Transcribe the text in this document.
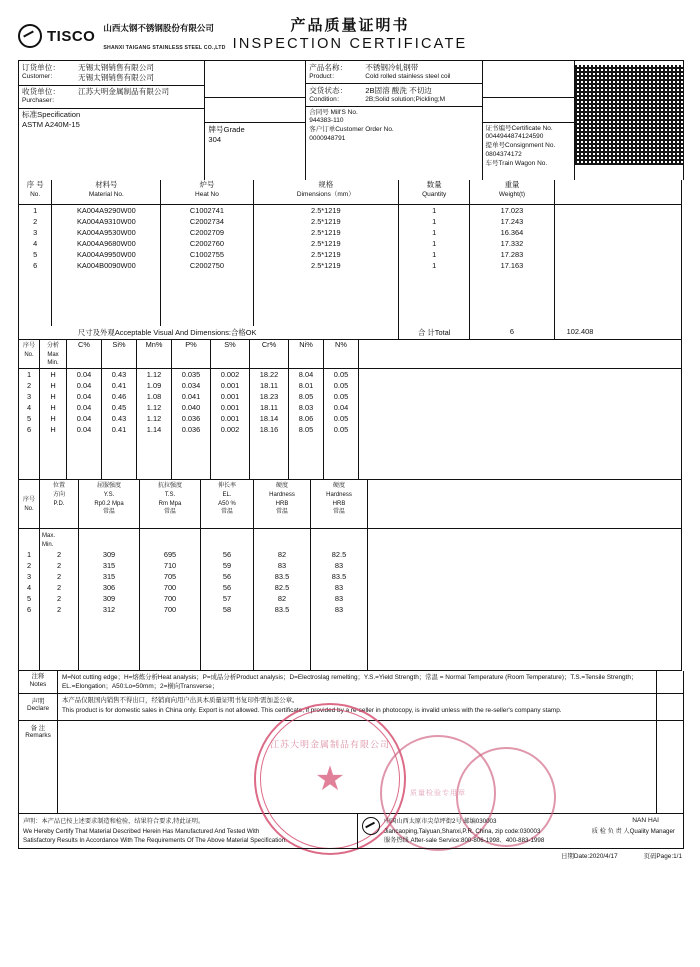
TISCO 山西太钢不锈钢股份有限公司
SHANXI TAIGANG STAINLESS STEEL CO.,LTD
产品质量证明书
INSPECTION CERTIFICATE
订货单位：
Customer：
无锡太钢销售有限公司
无锡太钢销售有限公司
收货单位：
Purchaser：
江苏大明金属制品有限公司
标准Specification
ASTM A240M-15	牌号Grade
304
产品名称：
Product：
不锈钢冷轧钢带
Cold rolled stainless steel coil
交货状态：
Condition：
2B固溶 酸洗 不切边
2B;Solid solution;Pickling;M
合同号 Mill'S No.
944383-110
客户订单Customer Order No.
0000948791
证书编号Certificate No.
0044944874124590
提单号Consignment No.
0804374172
车号Train Wagon No.
序 号
No.	材料号
Material No.	炉号
Heat No	规格
Dimensions（mm）	数量
Quantity	重量
Weight(t)	
1	KA004A9290W00	C1002741	2.5*1219	1	17.023	
2	KA004A9310W00	C2002734	2.5*1219	1	17.243	
3	KA004A9530W00	C2002709	2.5*1219	1	16.364	
4	KA004A9680W00	C2002760	2.5*1219	1	17.332	
5	KA004A9950W00	C1002755	2.5*1219	1	17.283	
6	KA004B0090W00	C2002750	2.5*1219	1	17.163	

	尺寸及外观Acceptable Visual And Dimensions:合格OK			合 计Total	6	102.408
序号
No.	分析
Max
Min.	C%	Si%	Mn%	P%	S%	Cr%	Ni%	N%	
1	H	0.04	0.43	1.12	0.035	0.002	18.22	8.04	0.05	
2	H	0.04	0.41	1.09	0.034	0.001	18.11	8.01	0.05	
3	H	0.04	0.46	1.08	0.041	0.001	18.23	8.05	0.05	
4	H	0.04	0.45	1.12	0.040	0.001	18.11	8.03	0.04	
5	H	0.04	0.43	1.12	0.036	0.001	18.14	8.06	0.05	
6	H	0.04	0.41	1.14	0.036	0.002	18.16	8.05	0.05	

序号
No.	位置
方向
P.D.	屈服强度
Y.S.
Rp0.2 Mpa
常温	抗拉强度
T.S.
Rm Mpa
常温	伸长率
EL.
A50 %
常温	硬度
Hardness
HRB
常温	硬度
Hardness
HRB
常温	
	Max.
Min.						
1	2	309	695	56	82	82.5	
2	2	315	710	59	83	83	
3	2	315	705	56	83.5	83.5	
4	2	306	700	56	82.5	83	
5	2	309	700	57	82	83	
6	2	312	700	58	83.5	83	

注释
Notes
M=Not cutting edge；H=熔炼分析Heat analysis；P=成品分析Product analysis；D=Electroslag remelting；Y.S.=Yield Strength；常温 = Normal Temperature (Room Temperature)；T.S.=Tensile Strength；EL.=Elongation；A50:Lo=50mm；2=横向Transverse；
声明
Declare
本产品仅限国内销售不得出口，经销商向用户出具本质量证明书复印件需加盖公章。
This product is for domestic sales in China only. Export is not allowed. This certificate, if provided by a re-seller in photocopy, is invalid unless with the re-seller's company stamp.
备 注
Remarks
★
江苏大明金属制品有限公司
质量检验专用章
声明：本产品已按上述要求制造和检验，结果符合要求,特此证明。
We Hereby Certify That Material Described Herein Has Manufactured And Tested With
Satisfactory Results In Accordance With The Requirements Of The Above Material Specification.
中国山西太原市尖草坪街2号 邮编030003
Jiancaoping,Taiyuan,Shanxi,P.R. China, zip code:030003
服务热线 After-sale Service:800-806-1998、400-883-1998
NAN HAI
质 检 负 责 人Quality Manager
日期Date:2020/4/17	页码Page:1/1
